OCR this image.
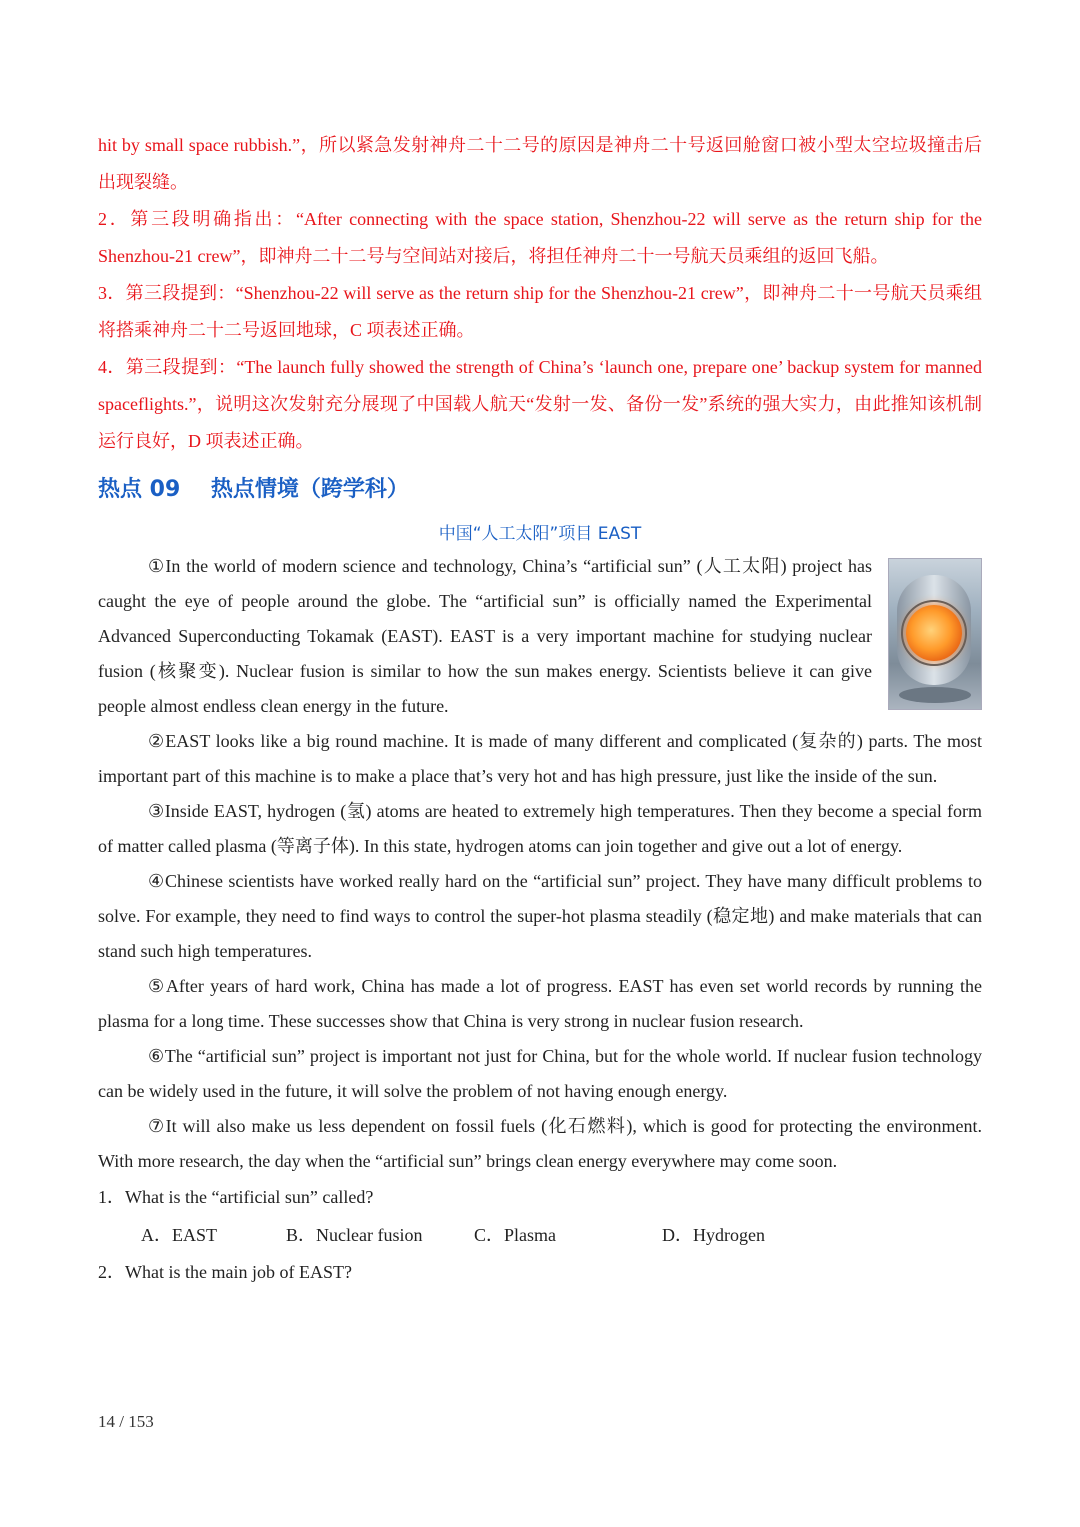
hit by small space rubbish.”，所以紧急发射神舟二十二号的原因是神舟二十号返回舱窗口被小型太空垃圾撞击后出现裂缝。

2．第三段明确指出：“After connecting with the space station, Shenzhou-22 will serve as the return ship for the Shenzhou-21 crew”，即神舟二十二号与空间站对接后，将担任神舟二十一号航天员乘组的返回飞船。

3．第三段提到：“Shenzhou-22 will serve as the return ship for the Shenzhou-21 crew”，即神舟二十一号航天员乘组将搭乘神舟二十二号返回地球，C 项表述正确。

4．第三段提到：“The launch fully showed the strength of China’s ‘launch one, prepare one’ backup system for manned spaceflights.”，说明这次发射充分展现了中国载人航天“发射一发、备份一发”系统的强大实力，由此推知该机制运行良好，D 项表述正确。

热点 09    热点情境（跨学科）
中国“人工太阳”项目 EAST

①In the world of modern science and technology, China’s “artificial sun” (人工太阳) project has caught the eye of people around the globe. The “artificial sun” is officially named the Experimental Advanced Superconducting Tokamak (EAST). EAST is a very important machine for studying nuclear fusion (核聚变). Nuclear fusion is similar to how the sun makes energy. Scientists believe it can give people almost endless clean energy in the future.

②EAST looks like a big round machine. It is made of many different and complicated (复杂的) parts. The most important part of this machine is to make a place that’s very hot and has high pressure, just like the inside of the sun.

③Inside EAST, hydrogen (氢) atoms are heated to extremely high temperatures. Then they become a special form of matter called plasma (等离子体). In this state, hydrogen atoms can join together and give out a lot of energy.

④Chinese scientists have worked really hard on the “artificial sun” project. They have many difficult problems to solve. For example, they need to find ways to control the super-hot plasma steadily (稳定地) and make materials that can stand such high temperatures.

⑤After years of hard work, China has made a lot of progress. EAST has even set world records by running the plasma for a long time. These successes show that China is very strong in nuclear fusion research.

⑥The “artificial sun” project is important not just for China, but for the whole world. If nuclear fusion technology can be widely used in the future, it will solve the problem of not having enough energy.

⑦It will also make us less dependent on fossil fuels (化石燃料), which is good for protecting the environment. With more research, the day when the “artificial sun” brings clean energy everywhere may come soon.

1．What is the “artificial sun” called?

A．EAST	B．Nuclear fusion	C．Plasma	D．Hydrogen

2．What is the main job of EAST?

14 / 153
